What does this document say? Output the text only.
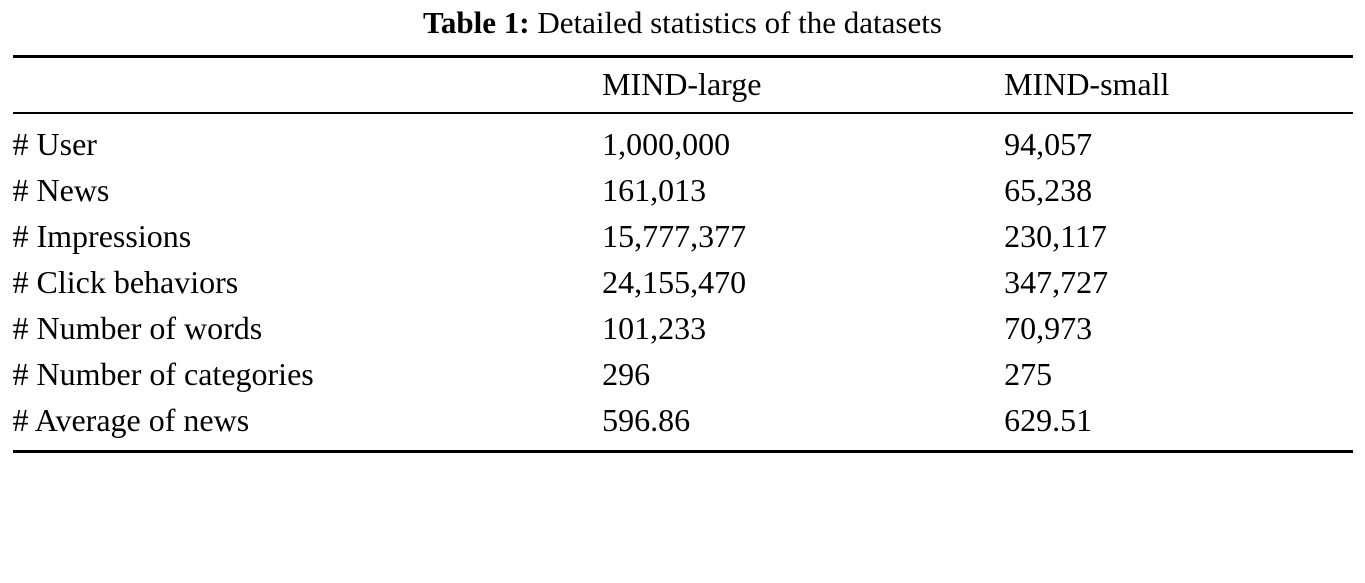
Table 1: Detailed statistics of the datasets
	MIND-large	MIND-small
# User	1,000,000	94,057
# News	161,013	65,238
# Impressions	15,777,377	230,117
# Click behaviors	24,155,470	347,727
# Number of words	101,233	70,973
# Number of categories	296	275
# Average of news	596.86	629.51
